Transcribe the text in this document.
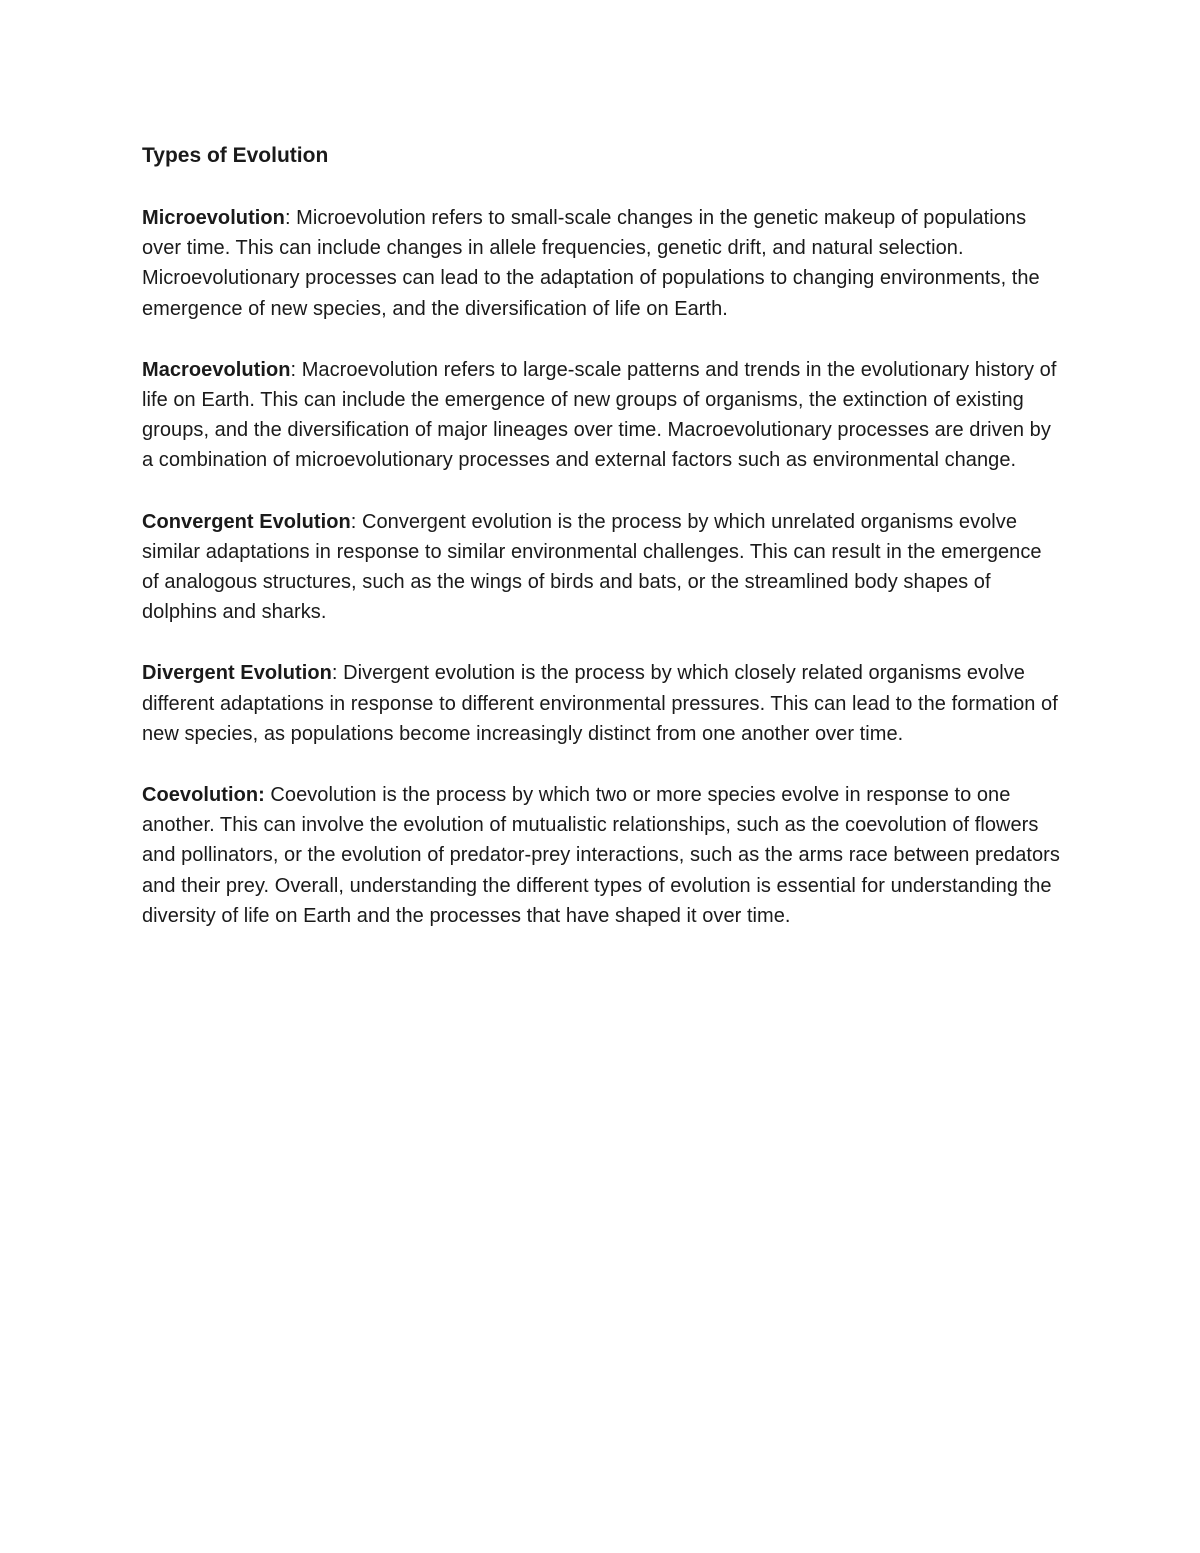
Types of Evolution

Microevolution: Microevolution refers to small-scale changes in the genetic makeup of populations over time. This can include changes in allele frequencies, genetic drift, and natural selection. Microevolutionary processes can lead to the adaptation of populations to changing environments, the emergence of new species, and the diversification of life on Earth.

Macroevolution: Macroevolution refers to large-scale patterns and trends in the evolutionary history of life on Earth. This can include the emergence of new groups of organisms, the extinction of existing groups, and the diversification of major lineages over time. Macroevolutionary processes are driven by a combination of microevolutionary processes and external factors such as environmental change.

Convergent Evolution: Convergent evolution is the process by which unrelated organisms evolve similar adaptations in response to similar environmental challenges. This can result in the emergence of analogous structures, such as the wings of birds and bats, or the streamlined body shapes of dolphins and sharks.

Divergent Evolution: Divergent evolution is the process by which closely related organisms evolve different adaptations in response to different environmental pressures. This can lead to the formation of new species, as populations become increasingly distinct from one another over time.

Coevolution: Coevolution is the process by which two or more species evolve in response to one another. This can involve the evolution of mutualistic relationships, such as the coevolution of flowers and pollinators, or the evolution of predator-prey interactions, such as the arms race between predators and their prey. Overall, understanding the different types of evolution is essential for understanding the diversity of life on Earth and the processes that have shaped it over time.
